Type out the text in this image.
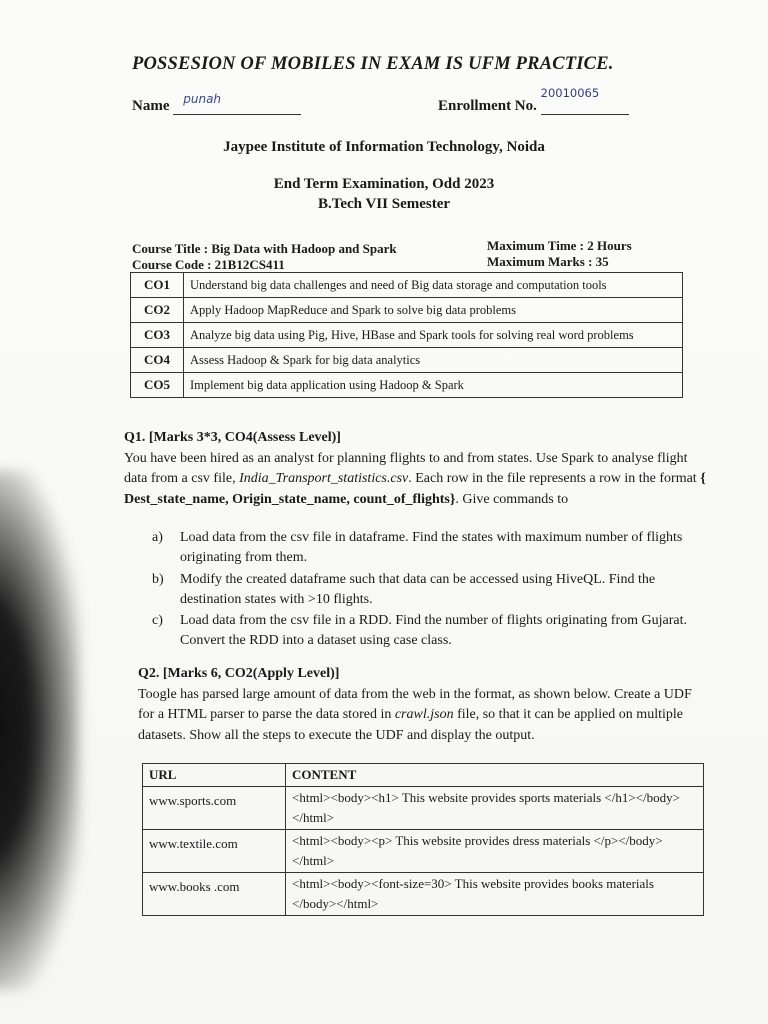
POSSESION OF MOBILES IN EXAM IS UFM PRACTICE.
Name punah	Enrollment No.
20010065
Jaypee Institute of Information Technology, Noida
End Term Examination, Odd 2023
B.Tech VII Semester
Course Title : Big Data with Hadoop and Spark
Course Code : 21B12CS411
Maximum Time : 2 Hours
Maximum Marks : 35
CO1	Understand big data challenges and need of Big data storage and computation tools
CO2	Apply Hadoop MapReduce and Spark to solve big data problems
CO3	Analyze big data using Pig, Hive, HBase and Spark tools for solving real word problems
CO4	Assess Hadoop & Spark for big data analytics
CO5	Implement big data application using Hadoop & Spark
Q1. [Marks 3*3, CO4(Assess Level)]
You have been hired as an analyst for planning flights to and from states. Use Spark to analyse flight data from a csv file, India_Transport_statistics.csv. Each row in the file represents a row in the format { Dest_state_name, Origin_state_name, count_of_flights}. Give commands to
a) Load data from the csv file in dataframe. Find the states with maximum number of flights originating from them.
b) Modify the created dataframe such that data can be accessed using HiveQL. Find the destination states with >10 flights.
c) Load data from the csv file in a RDD. Find the number of flights originating from Gujarat. Convert the RDD into a dataset using case class.
Q2. [Marks 6, CO2(Apply Level)]
Toogle has parsed large amount of data from the web in the format, as shown below. Create a UDF for a HTML parser to parse the data stored in crawl.json file, so that it can be applied on multiple datasets. Show all the steps to execute the UDF and display the output.
URL	CONTENT
www.sports.com	<html><body><h1> This website provides sports materials </h1></body></html>
www.textile.com	<html><body><p> This website provides dress materials </p></body></html>
www.books .com	<html><body><font-size=30> This website provides books materials </body></html>
